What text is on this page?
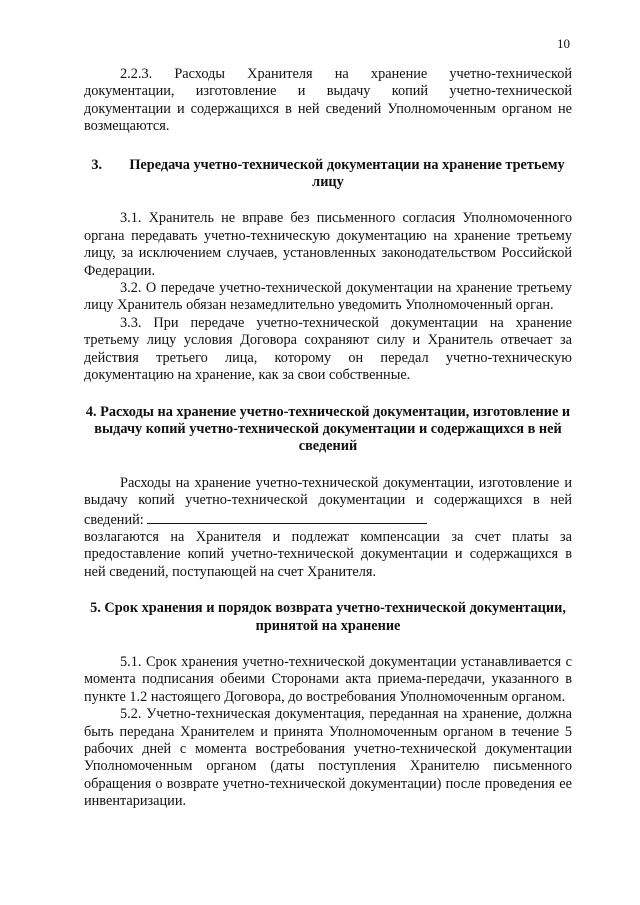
10

2.2.3. Расходы Хранителя на хранение учетно-технической документации, изготовление и выдачу копий учетно-технической документации и содержащихся в ней сведений Уполномоченным органом не возмещаются.

3. Передача учетно-технической документации на хранение третьему лицу

3.1. Хранитель не вправе без письменного согласия Уполномоченного органа передавать учетно-техническую документацию на хранение третьему лицу, за исключением случаев, установленных законодательством Российской Федерации.

3.2. О передаче учетно-технической документации на хранение третьему лицу Хранитель обязан незамедлительно уведомить Уполномоченный орган.

3.3. При передаче учетно-технической документации на хранение третьему лицу условия Договора сохраняют силу и Хранитель отвечает за действия третьего лица, которому он передал учетно-техническую документацию на хранение, как за свои собственные.

4. Расходы на хранение учетно-технической документации, изготовление и выдачу копий учетно-технической документации и содержащихся в ней сведений

Расходы на хранение учетно-технической документации, изготовление и выдачу копий учетно-технической документации и содержащихся в ней сведений:

возлагаются на Хранителя и подлежат компенсации за счет платы за предоставление копий учетно-технической документации и содержащихся в ней сведений, поступающей на счет Хранителя.

5. Срок хранения и порядок возврата учетно-технической документации, принятой на хранение

5.1. Срок хранения учетно-технической документации устанавливается с момента подписания обеими Сторонами акта приема-передачи, указанного в пункте 1.2 настоящего Договора, до востребования Уполномоченным органом.

5.2. Учетно-техническая документация, переданная на хранение, должна быть передана Хранителем и принята Уполномоченным органом в течение 5 рабочих дней с момента востребования учетно-технической документации Уполномоченным органом (даты поступления Хранителю письменного обращения о возврате учетно-технической документации) после проведения ее инвентаризации.
